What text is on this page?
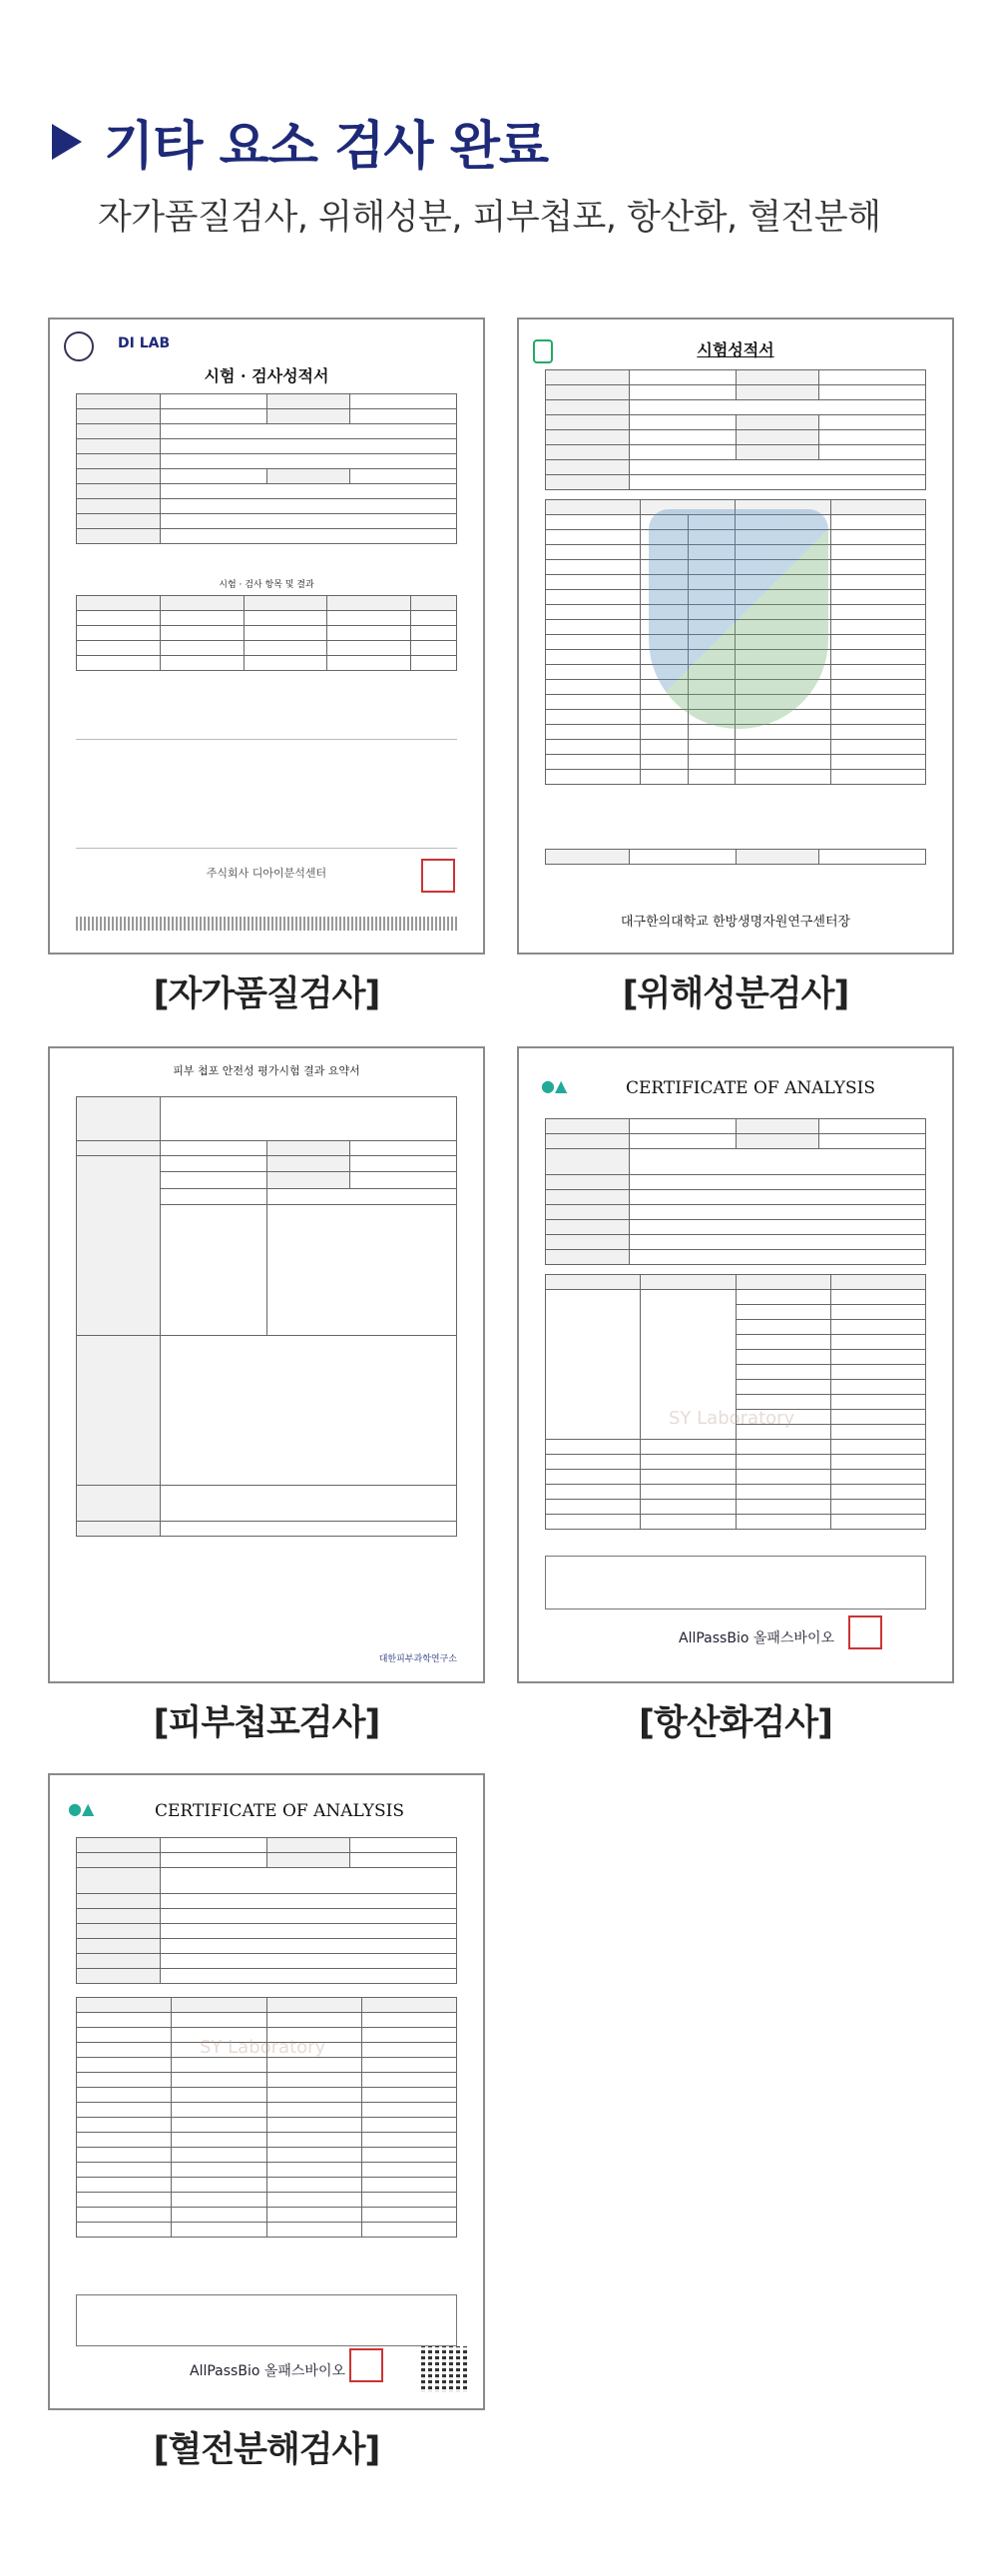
기타 요소 검사 완료
자가품질검사, 위해성분, 피부첩포, 항산화, 혈전분해
DI LAB
시험 · 검사성적서

시험 · 검사 항목 및 결과

주식회사 디아이분석센터
[자가품질검사]
시험성적서

대구한의대학교 한방생명자원연구센터장
[위해성분검사]
피부 첩포 안전성 평가시험 결과 요약서

대한피부과학연구소
[피부첩포검사]
●▲	CERTIFICATE OF ANALYSIS

SY Laboratory
AllPassBio 올패스바이오
[항산화검사]
●▲	CERTIFICATE OF ANALYSIS

SY Laboratory
AllPassBio 올패스바이오
[혈전분해검사]
